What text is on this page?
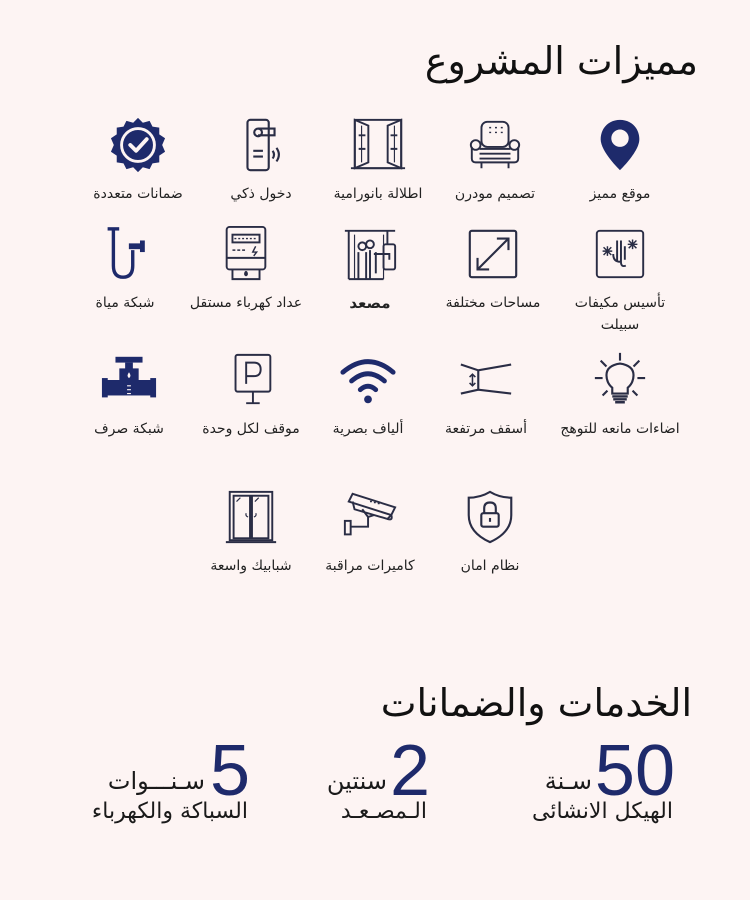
مميزات المشروع
موقع مميز
تصميم مودرن
اطلالة بانورامية
دخول ذكي
ضمانات متعددة
تأسيس مكيفات سبيلت
مساحات مختلفة
مصعد
عداد كهرباء مستقل
شبكة مياة
اضاءات مانعه للتوهج
أسقف مرتفعة
ألياف بصرية
موقف لكل وحدة
شبكة صرف
نظام امان
كاميرات مراقبة
شبابيك واسعة
الخدمات والضمانات
50
سـنة
الهيكل الانشائى
2
سنتين
الـمصـعـد
5
سـنـــوات
السباكة والكهرباء
